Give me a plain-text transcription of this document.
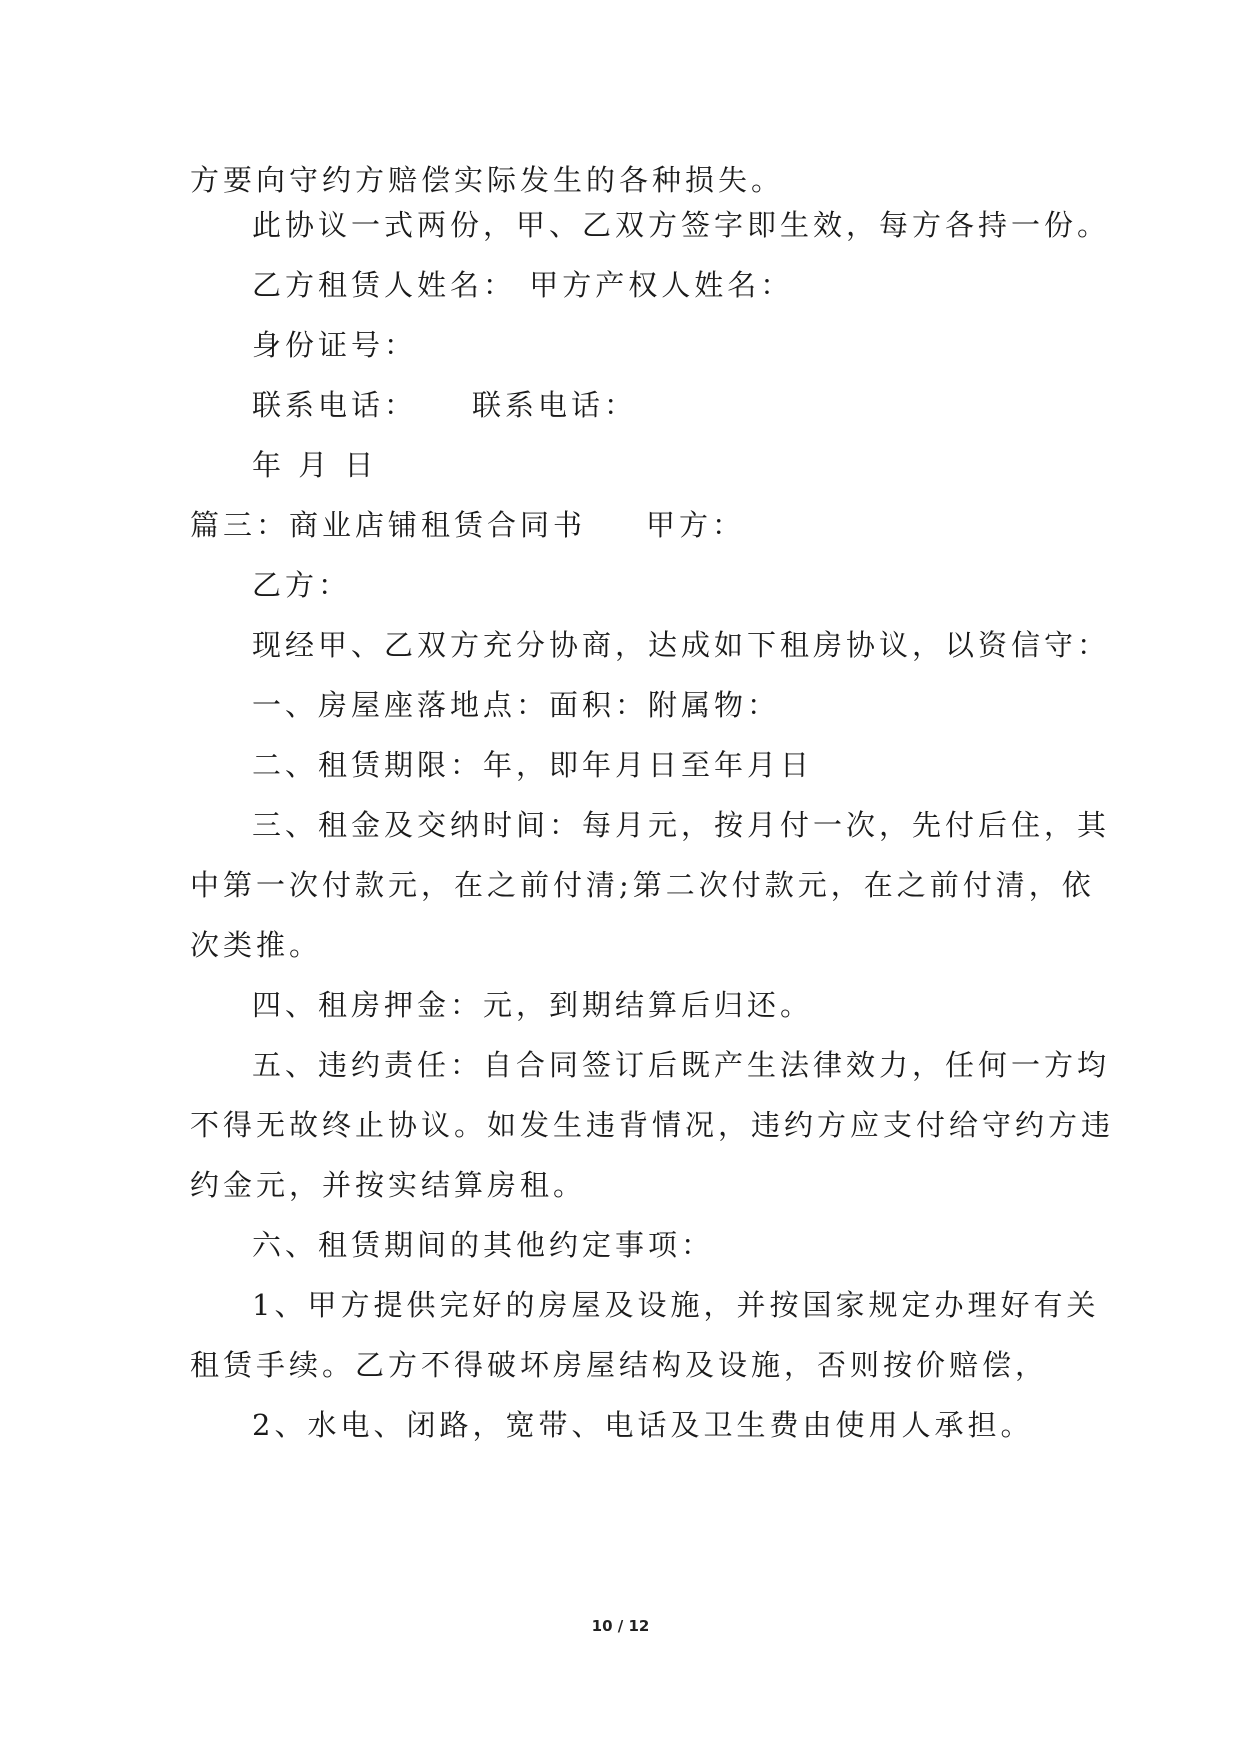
方要向守约方赔偿实际发生的各种损失。
此协议一式两份，甲、乙双方签字即生效，每方各持一份。
乙方租赁人姓名： 甲方产权人姓名：
身份证号：
联系电话： 联系电话：
年 月 日
篇三：商业店铺租赁合同书 甲方：
乙方：
现经甲、乙双方充分协商，达成如下租房协议，以资信守：
一、房屋座落地点：面积：附属物：
二、租赁期限：年，即年月日至年月日
三、租金及交纳时间：每月元，按月付一次，先付后住，其
中第一次付款元，在之前付清;第二次付款元，在之前付清，依
次类推。
四、租房押金：元，到期结算后归还。
五、违约责任：自合同签订后既产生法律效力，任何一方均
不得无故终止协议。如发生违背情况，违约方应支付给守约方违
约金元，并按实结算房租。
六、租赁期间的其他约定事项：
1、甲方提供完好的房屋及设施，并按国家规定办理好有关
租赁手续。乙方不得破坏房屋结构及设施，否则按价赔偿，
2、水电、闭路，宽带、电话及卫生费由使用人承担。
10 / 12
